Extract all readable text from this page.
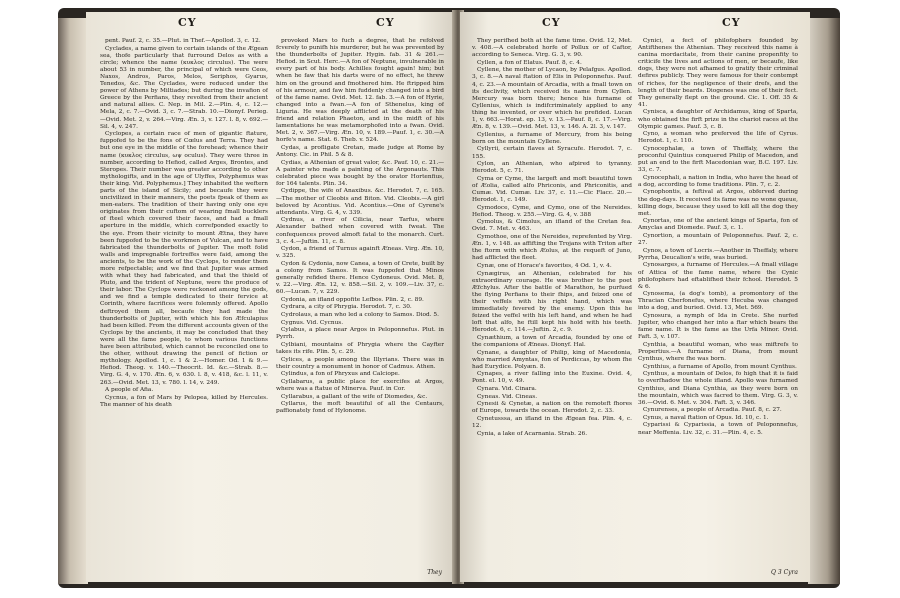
CY	CY

pent. Pauf. 2, c. 35.—Plut. in Thef.—Apollod. 3, c. 12.

Cyclades, a name given to certain islands of the Ægean sea, thofe particularly that furround Delos as with a circle; whence the name (κυκλος circulus). The were about 53 in number, the principal of which were Ceos, Naxos, Andros, Paros, Melos, Seriphos, Gyarus, Tenedos, &c. The Cyclades, were reduced under the power of Athens by Miltiades; but during the invafion of Greece by the Perfians, they revolted from their ancient and natural allies. C. Nep. in Mil. 2.—Plin. 4, c. 12.—Mela, 2, c. 7.—Ovid. 3, c. 7.—Strab. 10.—Dionyf. Perieg.—Ovid. Met. 2, v. 264.—Virg. Æn. 3, v. 127. l. 8, v. 692.—Sil. 4, v. 247.

Cyclopes, a certain race of men of gigantic ftature, fuppofed to be the fons of Cœlus and Terra. They had but one eye in the middle of the forehead; whence their name (κυκλος circulus, ωψ oculus). They were three in number, according to Hefiod, called Arges, Brontes, and Steropes. Their number was greater according to other mythologifts, and in the age of Ulyffes, Polyphemus was their king. Vid. Polyphemus.] They inhabited the weftern parts of the island of Sicily; and becaufe they were uncivilized in their manners, the poets fpeak of them as men-eaters. The tradition of their having only one eye originates from their cuftom of wearing fmall bucklers of fteel which covered their faces, and had a fmall aperture in the middle, which correfponded exactly to the eye. From their vicinity to mount Ætna, they have been fuppofed to be the workmen of Vulcan, and to have fabricated the thunderbolts of Jupiter. The moft folid walls and impregnable fortreffes were faid, among the ancients, to be the work of the Cyclops, to render them more refpectable; and we find that Jupiter was armed with what they had fabricated, and that the thield of Pluto, and the trident of Neptune, were the produce of their labor. The Cyclops were reckoned among the gods, and we find a temple dedicated to their fervice at Corinth, where facrifices were folemnly offered. Apollo deftroyed them all, becaufe they had made the thunderbolts of Jupiter, with which his fon Æfculapius had been killed. From the different accounts given of the Cyclops by the ancients, it may be concluded that they were all the fame people, to whom various functions have been attributed, which cannot be reconciled one to the other, without drawing the pencil of fiction or mythology. Apollod. 1, c. 1 & 2.—Homer. Od. 1 & 9.—Hefiod. Theog. v. 140.—Theocrit. Id. &c.—Strab. 8.—Virg. G. 4, v. 170. Æn. 6, v. 630. l. 8, v. 418, &c. l. 11, v. 263.—Ovid. Met. 13, v. 780. l. 14, v. 249.

A people of Afia.

Cycnus, a fon of Mars by Pelopea, killed by Hercules. The manner of his death

provoked Mars to fuch a degree, that he refolved fcverely to punifh his murderer, but he was prevented by the thunderbolts of Jupiter. Hygin. fab. 31 & 261.—Hefiod. in Scut. Herc.—A fon of Neptune, invulnerable in every part of his body. Achilles fought again! him; but when he faw that his darts were of no effect, he threw him on the ground and fmothered him. He ftripped him of his armour, and faw him fuddenly changed into a bird of the fame name. Ovid. Met. 12. fab. 3.—A fon of Hyrie, changed into a fwan.—A fon of Sthenelus, king of Liguria. He was deeply afflicted at the death of his friend and relation Phaeton, and in the midft of his lamentations he was metamorphofed into a fwan. Ovid. Met. 2, v. 367.—Virg. Æn. 10, v. 189.—Pauf. 1, c. 30.—A horfe's name. Stat. 6. Theb. v. 524.

Cydas, a profligate Cretan, made judge at Rome by Antony. Cic. in Phil. 5 & 8.

Cydias, a Athenian of great valor, &c. Pauf. 10, c. 21.—A painter who made a painting of the Argonauts. This celebrated piece was bought by the orator Hortenfius, for 164 talents. Plin. 34.

Cydippe, the wife of Anaxibus. &c. Herodot. 7, c. 165.—The mother of Cleobis and Biton. Vid. Cleobis.—A girl beloved by Acontius. Vid. Acontius.—One of Cyrene's attendants. Virg. G. 4, v. 339.

Cydnus, a river of Cilicia, near Tarfus, where Alexander bathed when covered with fweat. The confequences proved almoft fatal to the monarch. Curt. 3, c. 4.—Juftin. 11, c. 8.

Cydon, a friend of Turnus againft Æneas. Virg. Æn. 10, v. 325.

Cydon & Cydonia, now Canea, a town of Crete, built by a colony from Samos. It was fuppofed that Minos generally refided there. Hence Cydoneus. Ovid. Met. 8, v. 22.—Virg. Æn. 12, v. 858.—Sil. 2, v. 109.—Liv. 37, c. 60.—Lucan. 7, v. 229.

Cydonia, an ifland oppofite Lefbos. Plin. 2, c. 89.

Cydrara, a city of Phrygia. Herodot. 7, c. 30.

Cydrolaus, a man who led a colony to Samos. Diod. 5.

Cygnus. Vid. Cycnus.

Cylabus, a place near Argos in Peloponnefus. Plut. in Pyrrh.

Cylbiani, mountains of Phrygia where the Cayfter takes its rife. Plin. 5, c. 29.

Cylices, a people among the Illyrians. There was in their country a monument in honor of Cadmus. Athen.

Cylindus, a fon of Phryxus and Calciope.

Cyllabarus, a public place for exercifes at Argos, where was a ftatue of Minerva. Pauf. in Cor.

Cyllarabus, a gallant of the wife of Diomedes, &c.

Cyllarus, the moft beautiful of all the Centaurs, paffionately fond of Hylonome.

They
CY	CY

They perifhed both at the fame time. Ovid. 12, Met. v. 408.—A celebrated horfe of Pollux or of Caftor, according to Seneca. Virg. G. 3, v. 90.

Cyllen, a fon of Elatus. Pauf. 8, c. 4.

Cyllene, the mother of Lycaon, by Pelafgus. Apollod. 3, c. 8.—A naval ftation of Elis in Peloponnefus. Pauf. 4, c. 23.—A mountain of Arcadia, with a fmall town on its declivity, which received its name from Cyllen. Mercury was born there; hence his furname of Cyllenius, which is indifcriminately applied to any thing he invented, or over which he prefided. Lucan 1, v. 663.—Horat. ep. 13, v. 13.—Pauf. 8, c. 17.—Virg. Æn. 8, v. 139.—Ovid. Met. 13, v. 146. A. 2l. 3, v. 147.

Cyllenius, a furname of Mercury, from his being born on the mountain Cyllene.

Cyllyrii, certain flaves at Syracufe. Herodot. 7, c. 155.

Cylon, an Athenian, who afpired to tyranny. Herodot. 5, c. 71.

Cyma or Cyme, the largeft and moft beautiful town of Æolia, called alfo Phriconis, and Phriconitis, and Cumæ. Vid. Cumæ. Liv. 37, c. 11.—Cic Flacc. 20.—Herodot. 1, c. 149.

Cymodoce, Cyme, and Cymo, one of the Nereides. Hefiod. Theog. v. 255.—Virg. G. 4, v. 388

Cymolus, & Cimolus, an ifland of the Cretan fea. Ovid. 7. Met. v. 463.

Cymothoe, one of the Nereides, reprefented by Virg. Æn. 1, v. 148. as affifting the Trojans with Triton after the ftorm with which Æolus, at the requeft of Juno, had afflicted the fleet.

Cynæ, one of Horace's favorites, 4 Od. 1, v. 4.

Cynægirus, an Athenian, celebrated for his extraordinary courage. He was brother to the poet Æfchylus. After the battle of Marathon, he purfued the flying Perfians to their fhips, and feized one of their veffels with his right hand, which was immediately fevered by the enemy. Upon this he feized the veffel with his left hand, and when he had loft that alfo, he ftill kept his hold with his teeth. Herodot. 6, c. 114.—Juftin. 2, c. 9.

Cynæthium, a town of Arcadia, founded by one of the companions of Æneas. Dionyf. Hal.

Cynane, a daughter of Philip, king of Macedonia, who married Amyntas, fon of Perdiccas, by whom fhe had Eurydice. Polyæn. 8.

Cynapes, a river falling into the Euxine. Ovid. 4, Pont. el. 10, v. 49.

Cynara. Vid. Cinara.

Cyneas. Vid. Cineas.

Cynesii & Cynetæ, a nation on the remoteft fhores of Europe, towards the ocean. Herodot. 2, c. 33.

Cynetusssa, an ifland in the Ægean fea. Plin. 4, c. 12.

Cynia, a lake of Acarnania. Strab. 26.

Cynici, a fect of philofophers founded by Antifthenes the Athenian. They received this name à canina mordacitate, from their canine propenfity to criticife the lives and actions of men, or becaufe, like dogs, they were not afhamed to gratify their criminal defires publicly. They were famous for their contempt of riches, for the negligence of their drefs, and the length of their beards. Diogenes was one of their fect. They generally flept on the ground. Cic. 1. Off. 35 & 41.

Cynisca, a daughter of Archidamus, king of Sparta, who obtained the firft prize in the chariot races at the Olympic games. Pauf. 3, c. 8.

Cyno, a woman who preferved the life of Cyrus. Herodot. 1, c. 110.

Cynocephalæ, a town of Theffaly, where the proconful Quintius conquered Philip of Macedon, and put an end to the firft Macedonian war, B.C. 197. Liv. 33, c. 7.

Cynocephali, a nation in India, who have the head of a dog, according to fome traditions. Plin. 7, c. 2.

Cynophontis, a feftival at Argos, obferved during the dog-days. It received its fame was no wone queue, killing dogs, because they used to kill all the dog they met.

Cynortas, one of the ancient kings of Sparta, fon of Amyclas and Diomede. Pauf. 3, c. 1.

Cynortion, a mountain of Peloponnefus. Pauf. 2, c. 27.

Cynos, a town of Locris.—Another in Theffaly, where Pyrrha, Deucalion's wife, was buried.

Cynosarges, a furname of Hercules.—A fmall village of Attica of the fame name, where the Cynic philofophers had eftablifhed their fchool. Herodot. 5 & 6.

Cynosema, (a dog's tomb), a promontory of the Thracian Cherfonefus, where Hecuba was changed into a dog, and buried. Ovid. 13, Met. 569.

Cynosura, a nymph of Ida in Crete. She nurfed Jupiter, who changed her into a ftar which bears the fame name. It is the fame as the Urfa Minor. Ovid. Faft. 3, v. 107.

Cynthia, a beautiful woman, who was miftrefs to Propertius.—A furname of Diana, from mount Cynthus, where fhe was born.

Cynthius, a furname of Apollo, from mount Cynthus.

Cynthus, a mountain of Delos, fo high that it is faid to overfhadow the whole ifland. Apollo was furnamed Cynthius, and Diana Cynthia, as they were born on the mountain, which was facred to them. Virg. G. 3, v. 36.—Ovid. 6. Met. v. 304. Faft. 3, v. 346.

Cynurenses, a people of Arcadia. Pauf. 8, c. 27.

Cynus, a naval ftation of Opus. Id. 10, c. 1.

Cyparissi & Cyparissia, a town of Peloponnefus, near Meffenia. Liv. 32, c. 31.—Plin. 4, c. 5.

Q 3 Cyra
